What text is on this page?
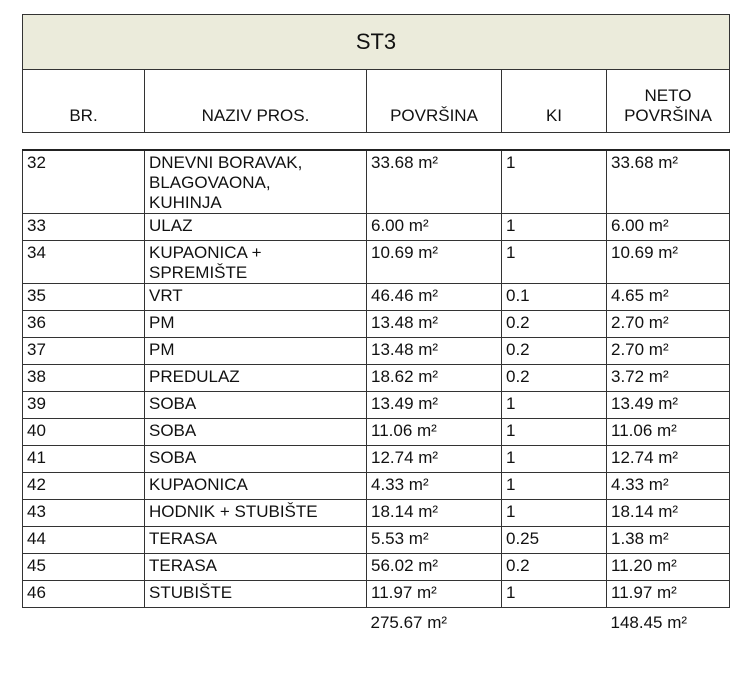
ST3				
BR.	NAZIV PROS.	POVRŠINA	KI	NETO
POVRŠINA

32	DNEVNI BORAVAK,
BLAGOVAONA,
KUHINJA	33.68 m²	1	33.68 m²
33	ULAZ	6.00 m²	1	6.00 m²
34	KUPAONICA +
SPREMIŠTE	10.69 m²	1	10.69 m²
35	VRT	46.46 m²	0.1	4.65 m²
36	PM	13.48 m²	0.2	2.70 m²
37	PM	13.48 m²	0.2	2.70 m²
38	PREDULAZ	18.62 m²	0.2	3.72 m²
39	SOBA	13.49 m²	1	13.49 m²
40	SOBA	11.06 m²	1	11.06 m²
41	SOBA	12.74 m²	1	12.74 m²
42	KUPAONICA	4.33 m²	1	4.33 m²
43	HODNIK + STUBIŠTE	18.14 m²	1	18.14 m²
44	TERASA	5.53 m²	0.25	1.38 m²
45	TERASA	56.02 m²	0.2	11.20 m²
46	STUBIŠTE	11.97 m²	1	11.97 m²
		275.67 m²		148.45 m²
